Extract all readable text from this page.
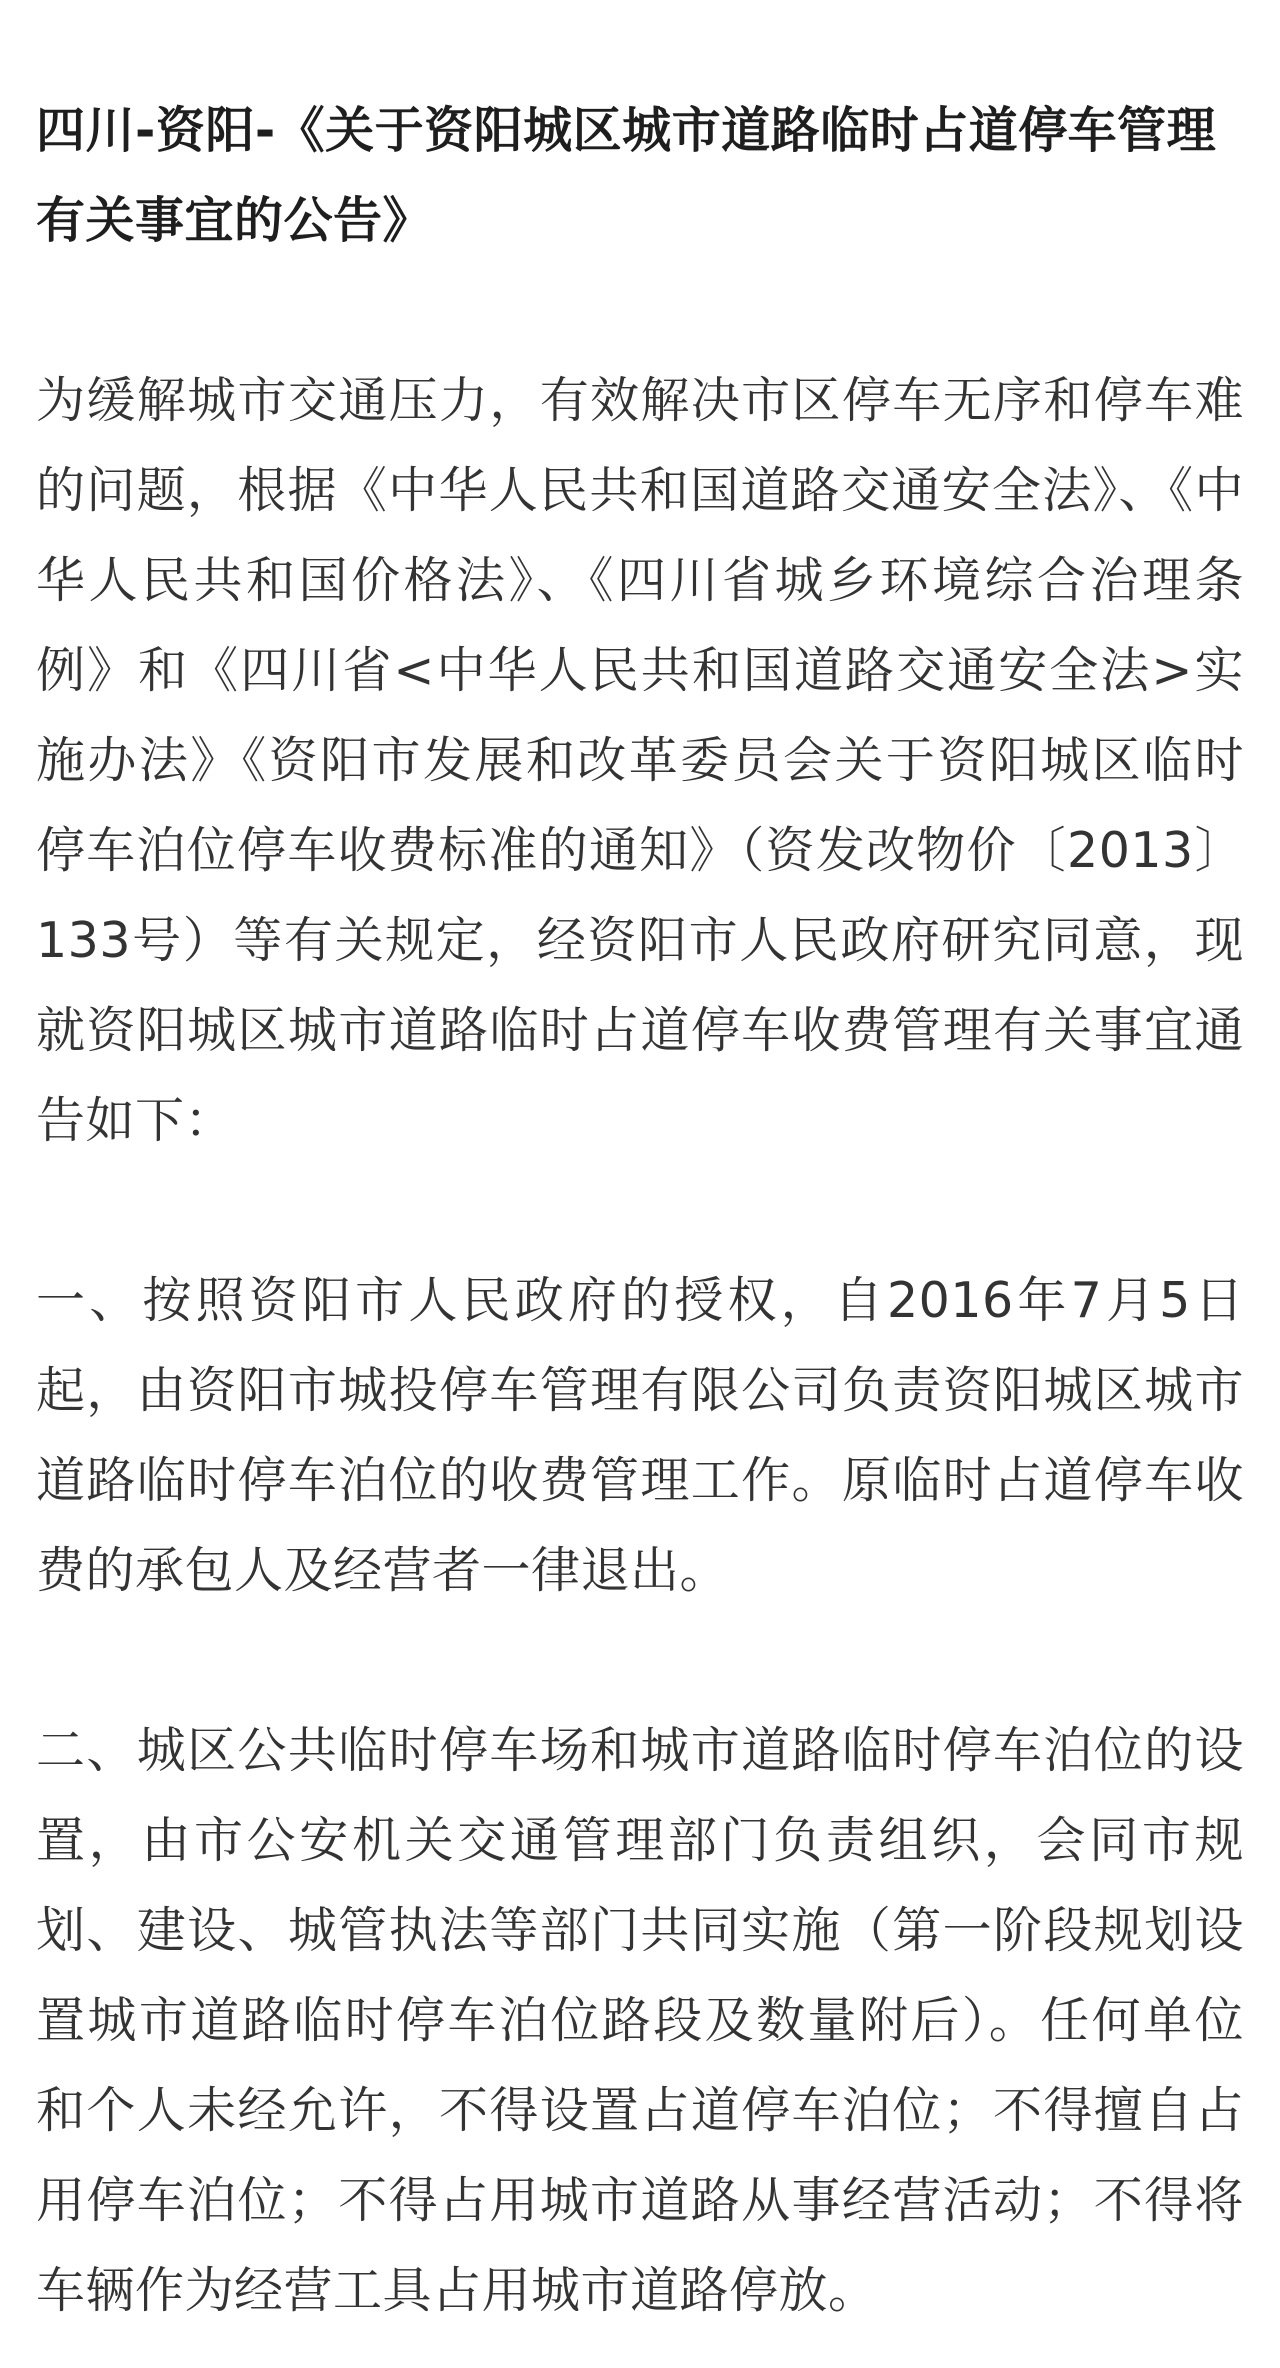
四川-资阳-《关于资阳城区城市道路临时占道停车管理有关事宜的公告》

为缓解城市交通压力，有效解决市区停车无序和停车难的问题，根据《中华人民共和国道路交通安全法》、《中华人民共和国价格法》、《四川省城乡环境综合治理条例》和《四川省<中华人民共和国道路交通安全法>实施办法》《资阳市发展和改革委员会关于资阳城区临时停车泊位停车收费标准的通知》（资发改物价〔2013〕133号）等有关规定，经资阳市人民政府研究同意，现就资阳城区城市道路临时占道停车收费管理有关事宜通告如下：

一、按照资阳市人民政府的授权，自2016年7月5日起，由资阳市城投停车管理有限公司负责资阳城区城市道路临时停车泊位的收费管理工作。原临时占道停车收费的承包人及经营者一律退出。

二、城区公共临时停车场和城市道路临时停车泊位的设置，由市公安机关交通管理部门负责组织，会同市规划、建设、城管执法等部门共同实施（第一阶段规划设置城市道路临时停车泊位路段及数量附后）。任何单位和个人未经允许，不得设置占道停车泊位；不得擅自占用停车泊位；不得占用城市道路从事经营活动；不得将车辆作为经营工具占用城市道路停放。
